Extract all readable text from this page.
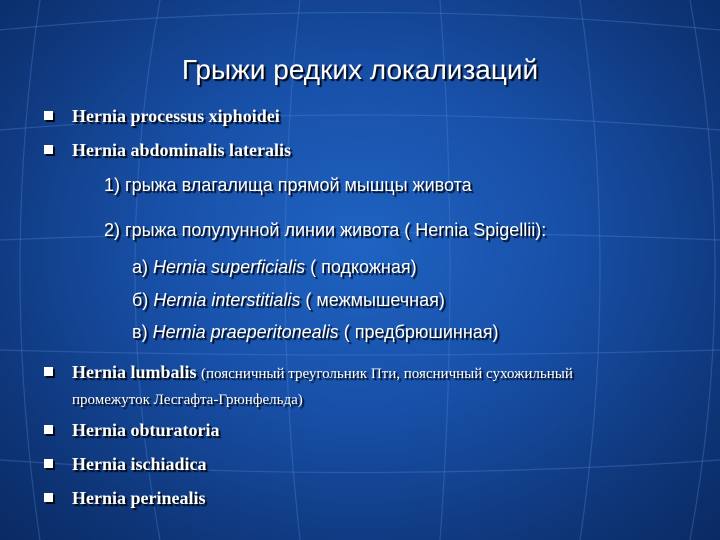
Грыжи редких локализаций
Hernia processus xiphoidei
Hernia abdominalis lateralis
1) грыжа влагалища прямой мышцы живота
2) грыжа полулунной линии живота ( Hernia Spigellii):
а) Hernia superficialis ( подкожная)
б) Hernia interstitialis ( межмышечная)
в) Hernia praeperitonealis ( предбрюшинная)
Hernia lumbalis (поясничный треугольник Пти, поясничный сухожильный промежуток Лесгафта-Грюнфельда)
Hernia obturatoria
Hernia ischiadica
Hernia perinealis
